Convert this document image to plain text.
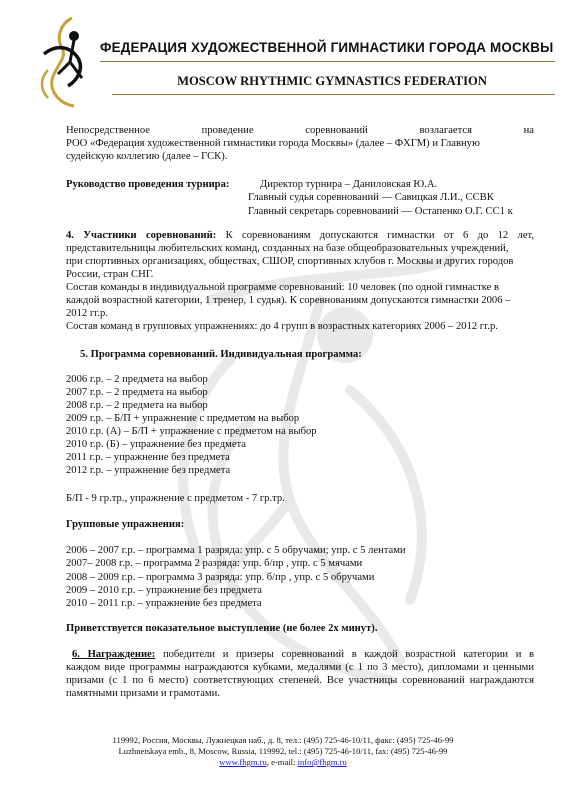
ФЕДЕРАЦИЯ ХУДОЖЕСТВЕННОЙ ГИМНАСТИКИ ГОРОДА МОСКВЫ
MOSCOW RHYTHMIC GYMNASTICS FEDERATION
Непосредственное проведение соревнований возлагается на
РОО «Федерация художественной гимнастики города Москвы» (далее – ФХГМ) и Главную
судейскую коллегию (далее – ГСК).
Руководство проведения турнира:	Директор турнира – Даниловская Ю.А.
Главный судья соревнований — Савицкая Л.И., ССВК
Главный секретарь соревнований — Остапенко О.Г. СС1 к
4. Участники соревнований: К соревнованиям допускаются гимнастки от 6 до 12 лет,
представительницы любительских команд, созданных на базе общеобразовательных учреждений,
при спортивных организациях, обществах, СШОР, спортивных клубов г. Москвы и других городов
России, стран СНГ.
Состав команды в индивидуальной программе соревнований: 10 человек (по одной гимнастке в
каждой возрастной категории, 1 тренер, 1 судья). К соревнованиям допускаются гимнастки 2006 –
2012 гг.р.
Состав команд в групповых упражнениях: до 4 групп в возрастных категориях 2006 – 2012 гг.р.
5. Программа соревнований. Индивидуальная программа:
2006 г.р. – 2 предмета на выбор
2007 г.р. – 2 предмета на выбор
2008 г.р. – 2 предмета на выбор
2009 г.р. – Б/П + упражнение с предметом на выбор
2010 г.р. (А) – Б/П + упражнение с предметом на выбор
2010 г.р. (Б) – упражнение без предмета
2011 г.р. – упражнение без предмета
2012 г.р. – упражнение без предмета
Б/П - 9 гр.тр., упражнение с предметом - 7 гр.тр.
Групповые упражнения:
2006 – 2007 г.р. – программа 1 разряда: упр. с 5 обручами; упр. с 5 лентами
2007– 2008 г.р. – программа 2 разряда: упр. б/пр , упр. с 5 мячами
2008 – 2009 г.р. – программа 3 разряда: упр. б/пр , упр. с 5 обручами
2009 – 2010 г.р. – упражнение без предмета
2010 – 2011 г.р. – упражнение без предмета
Приветствуется показательное выступление (не более 2х минут).
6. Награждение: победители и призеры соревнований в каждой возрастной категории и в
каждом виде программы награждаются кубками, медалями (с 1 по 3 место), дипломами и ценными
призами (с 1 по 6 место) соответствующих степеней. Все участницы соревнований награждаются
памятными призами и грамотами.
119992, Россия, Москвы, Лужнецкая наб., д. 8, тел.: (495) 725-46-10/11, факс: (495) 725-46-99
Luzhnetskaya emb., 8, Moscow, Russia, 119992, tel.: (495) 725-46-10/11, fax: (495) 725-46-99
www.fhgm.ru, e-mail: info@fhgm.ru
